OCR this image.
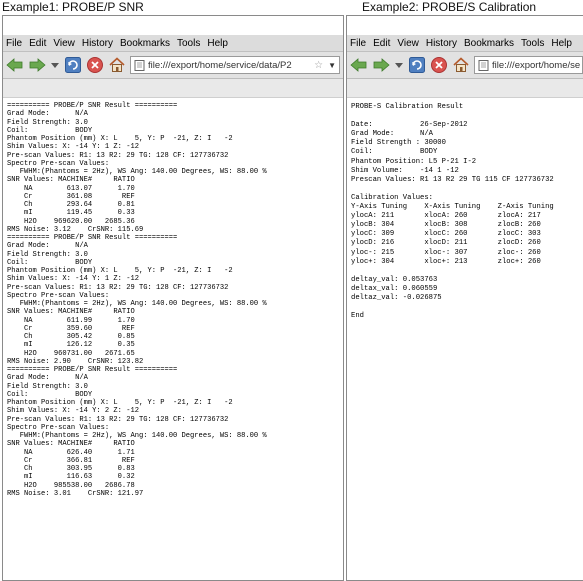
Example1: PROBE/P SNR	Example2: PROBE/S Calibration
File Edit View History Bookmarks Tools Help
file:///export/home/service/data/P2	☆ ▼
========== PROBE/P SNR Result ==========
Grad Mode:      N/A
Field Strength: 3.0
Coil:           BODY
Phantom Position (mm) X: L    5, Y: P  -21, Z: I   -2
Shim Values: X: -14 Y: 1 Z: -12
Pre-scan Values: R1: 13 R2: 29 TG: 128 CF: 127736732
Spectro Pre-scan Values:
FWHM:(Phantoms = 2Hz), WS Ang: 140.00 Degrees, WS: 88.00 %
SNR Values: MACHINE#     RATIO
NA        613.07      1.70
Cr        361.08       REF
Ch        293.64      0.81
mI        119.45      0.33
H2O    969620.00   2685.36
RMS Noise: 3.12    CrSNR: 115.69
========== PROBE/P SNR Result ==========
Grad Mode:      N/A
Field Strength: 3.0
Coil:           BODY
Phantom Position (mm) X: L    5, Y: P  -21, Z: I   -2
Shim Values: X: -14 Y: 1 Z: -12
Pre-scan Values: R1: 13 R2: 29 TG: 128 CF: 127736732
Spectro Pre-scan Values:
FWHM:(Phantoms = 2Hz), WS Ang: 140.00 Degrees, WS: 88.00 %
SNR Values: MACHINE#     RATIO
NA        611.99      1.70
Cr        359.60       REF
Ch        305.42      0.85
mI        126.12      0.35
H2O    960731.00   2671.65
RMS Noise: 2.90    CrSNR: 123.82
========== PROBE/P SNR Result ==========
Grad Mode:      N/A
Field Strength: 3.0
Coil:           BODY
Phantom Position (mm) X: L    5, Y: P  -21, Z: I   -2
Shim Values: X: -14 Y: 2 Z: -12
Pre-scan Values: R1: 13 R2: 29 TG: 128 CF: 127736732
Spectro Pre-scan Values:
FWHM:(Phantoms = 2Hz), WS Ang: 140.00 Degrees, WS: 88.00 %
SNR Values: MACHINE#     RATIO
NA        626.40      1.71
Cr        366.81       REF
Ch        303.95      0.83
mI        116.63      0.32
H2O    985538.00   2686.78
RMS Noise: 3.01    CrSNR: 121.97
File Edit View History Bookmarks Tools Help
file:///export/home/se
PROBE-S Calibration Result
Date:           26-Sep-2012
Grad Mode:      N/A
Field Strength : 30000
Coil:           BODY
Phantom Position: L5 P-21 I-2
Shim Volume:    -14 1 -12
Prescan Values: R1 13 R2 29 TG 115 CF 127736732
Calibration Values:
Y-Axis Tuning    X-Axis Tuning    Z-Axis Tuning
ylocA: 211       xlocA: 260       zlocA: 217
ylocB: 304       xlocB: 308       zlocB: 260
ylocC: 309       xlocC: 260       zlocC: 303
ylocD: 216       xlocD: 211       zlocD: 260
yloc-: 215       xloc-: 307       zloc-: 260
yloc+: 304       xloc+: 213       zloc+: 260
deltay_val: 0.053763
deltax_val: 0.060559
deltaz_val: -0.026875
End
